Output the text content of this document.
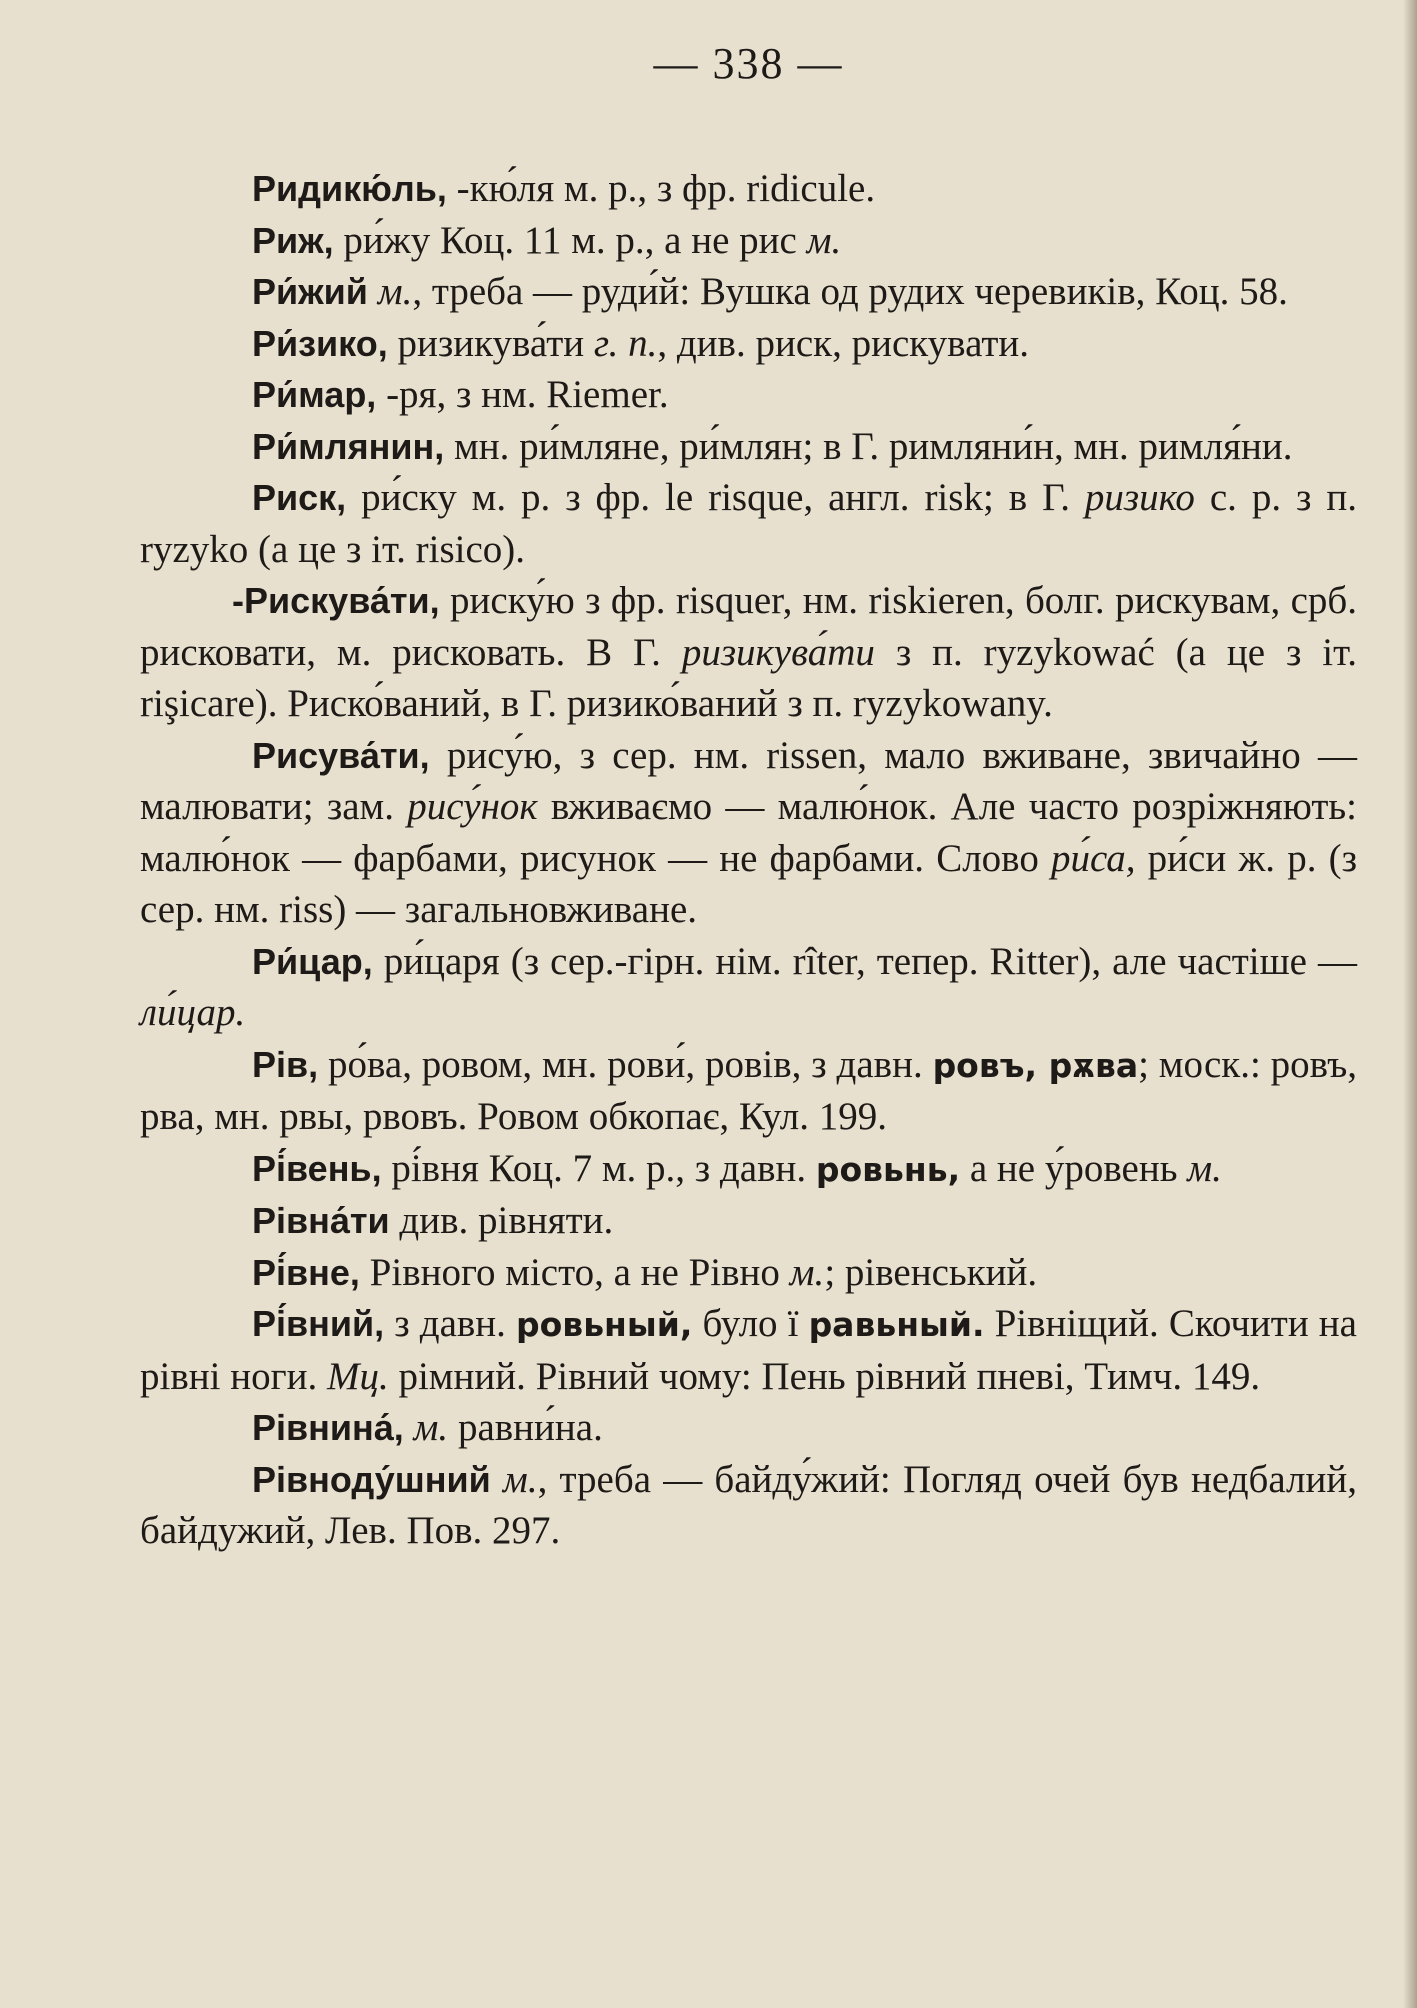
— 338 —

Ридикю́ль, -кю́ля м. р., з фр. ridicule.

Риж, ри́жу Коц. 11 м. р., а не рис м.

Ри́жий м., треба — руди́й: Вушка од рудих черевиків, Коц. 58.

Ри́зико, ризикува́ти г. п., див. риск, рискувати.

Ри́мар, -ря, з нм. Riemer.

Ри́млянин, мн. ри́мляне, ри́млян; в Г. римляни́н, мн. римля́ни.

Риск, ри́ску м. р. з фр. le risque, англ. risk; в Г. ризико с. р. з п. ryzyko (а це з іт. risico).

-Рискува́ти, риску́ю з фр. risquer, нм. riskieren, болг. рискувам, срб. рисковати, м. рисковать. В Г. ризикува́ти з п. ryzykować (а це з іт. rişicare). Риско́ваний, в Г. ризико́ваний з п. ryzykowany.

Рисува́ти, рису́ю, з сер. нм. rissen, мало вживане, звичайно — малювати; зам. рису́нок вживаємо — малю́нок. Але часто розріжняють: малю́нок — фарбами, рисунок — не фарбами. Слово ри́са, ри́си ж. р. (з сер. нм. riss) — загальновживане.

Ри́цар, ри́царя (з сер.-гірн. нім. rîter, тепер. Ritter), але частіше — ли́цар.

Рів, ро́ва, ровом, мн. рови́, ровів, з давн. ровъ, рѫва; моск.: ровъ, рва, мн. рвы, рвовъ. Ровом обкопає, Кул. 199.

Рі́вень, рі́вня Коц. 7 м. р., з давн. ровьнь, а не у́ровень м.

Рівна́ти див. рівняти.

Рі́вне, Рівного місто, а не Рівно м.; рівенський.

Рі́вний, з давн. ровьный, було ї равьный. Рівніщий. Скочити на рівні ноги. Мц. рімний. Рівний чому: Пень рівний пневі, Тимч. 149.

Рівнина́, м. равни́на.

Рівноду́шний м., треба — байду́жий: Погляд очей був недбалий, байдужий, Лев. Пов. 297.
